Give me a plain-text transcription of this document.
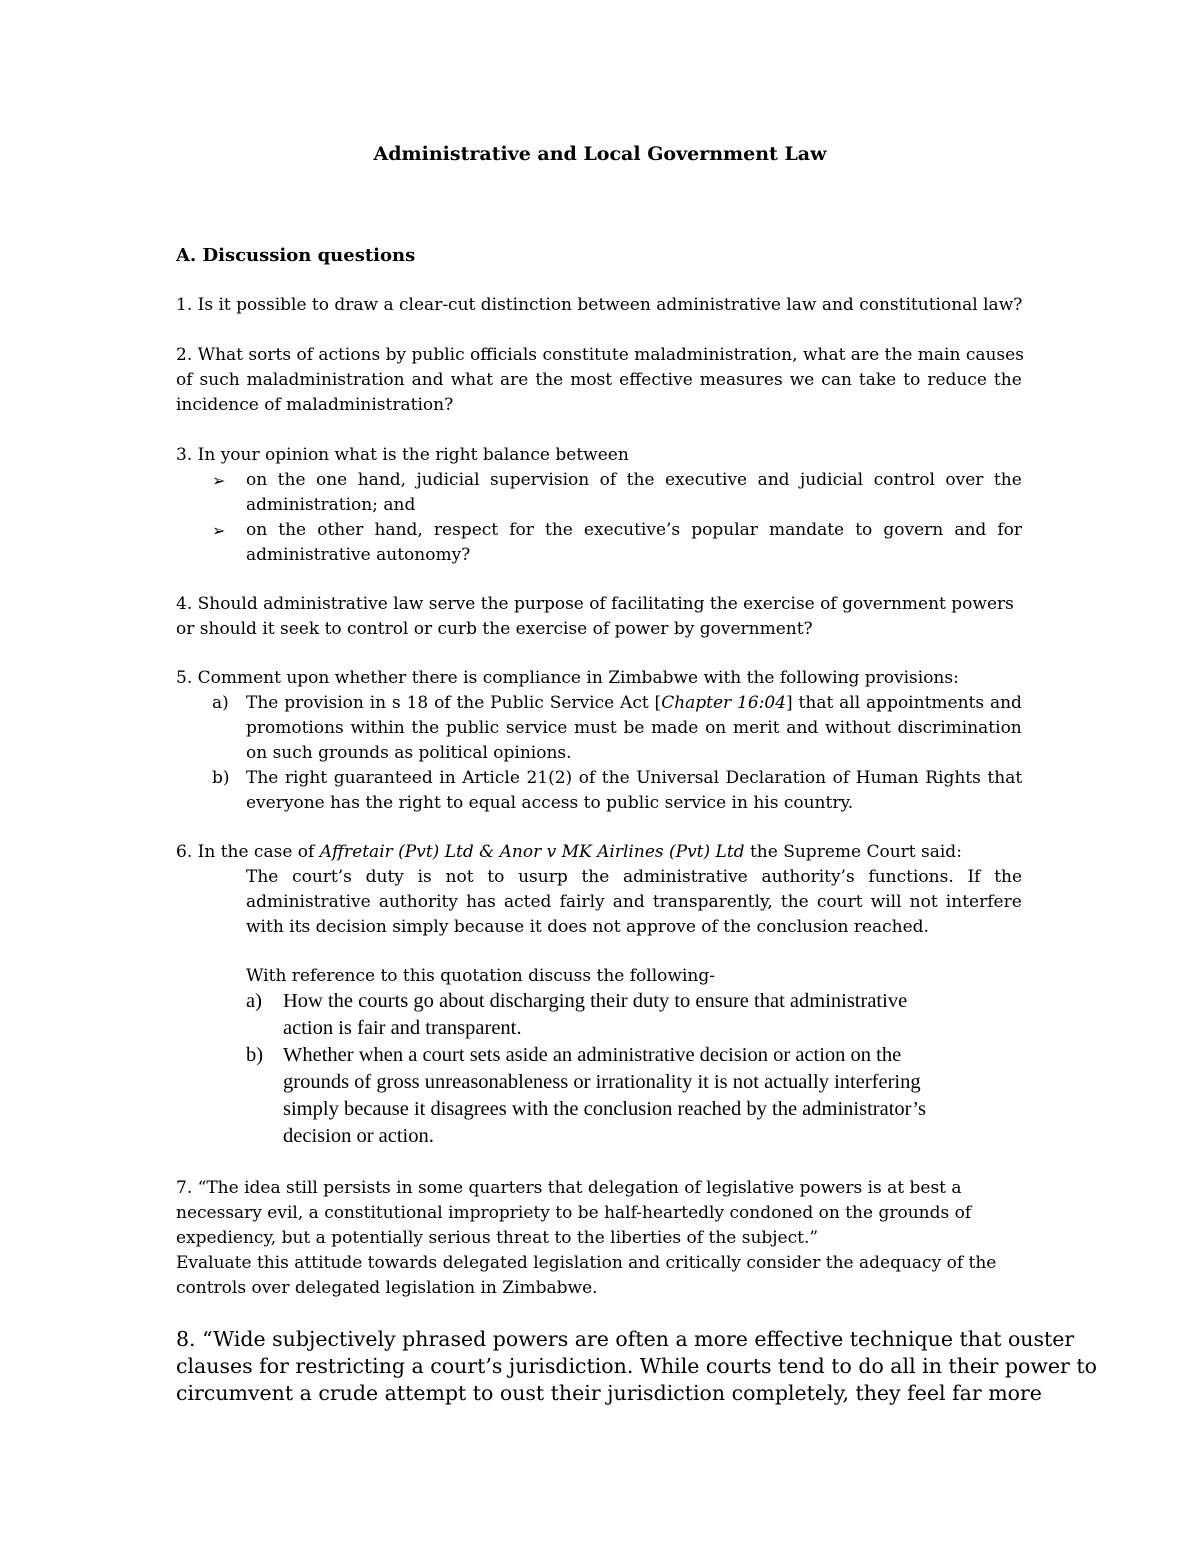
Administrative and Local Government Law
A. Discussion questions
1. Is it possible to draw a clear-cut distinction between administrative law and constitutional law?
2. What sorts of actions by public officials constitute maladministration, what are the main causes
of such maladministration and what are the most effective measures we can take to reduce the
incidence of maladministration?
3. In your opinion what is the right balance between
➢ on the one hand, judicial supervision of the executive and judicial control over the
administration; and
➢ on the other hand, respect for the executive’s popular mandate to govern and for
administrative autonomy?
4. Should administrative law serve the purpose of facilitating the exercise of government powers
or should it seek to control or curb the exercise of power by government?
5. Comment upon whether there is compliance in Zimbabwe with the following provisions:
a) The provision in s 18 of the Public Service Act [Chapter 16:04] that all appointments and
promotions within the public service must be made on merit and without discrimination
on such grounds as political opinions.
b) The right guaranteed in Article 21(2) of the Universal Declaration of Human Rights that
everyone has the right to equal access to public service in his country.
6. In the case of Affretair (Pvt) Ltd & Anor v MK Airlines (Pvt) Ltd the Supreme Court said:
The court’s duty is not to usurp the administrative authority’s functions. If the
administrative authority has acted fairly and transparently, the court will not interfere
with its decision simply because it does not approve of the conclusion reached.
With reference to this quotation discuss the following-
a) How the courts go about discharging their duty to ensure that administrative
action is fair and transparent.
b) Whether when a court sets aside an administrative decision or action on the
grounds of gross unreasonableness or irrationality it is not actually interfering
simply because it disagrees with the conclusion reached by the administrator’s
decision or action.
7. “The idea still persists in some quarters that delegation of legislative powers is at best a
necessary evil, a constitutional impropriety to be half-heartedly condoned on the grounds of
expediency, but a potentially serious threat to the liberties of the subject.”
Evaluate this attitude towards delegated legislation and critically consider the adequacy of the
controls over delegated legislation in Zimbabwe.
8. “Wide subjectively phrased powers are often a more effective technique that ouster
clauses for restricting a court’s jurisdiction. While courts tend to do all in their power to
circumvent a crude attempt to oust their jurisdiction completely, they feel far more
